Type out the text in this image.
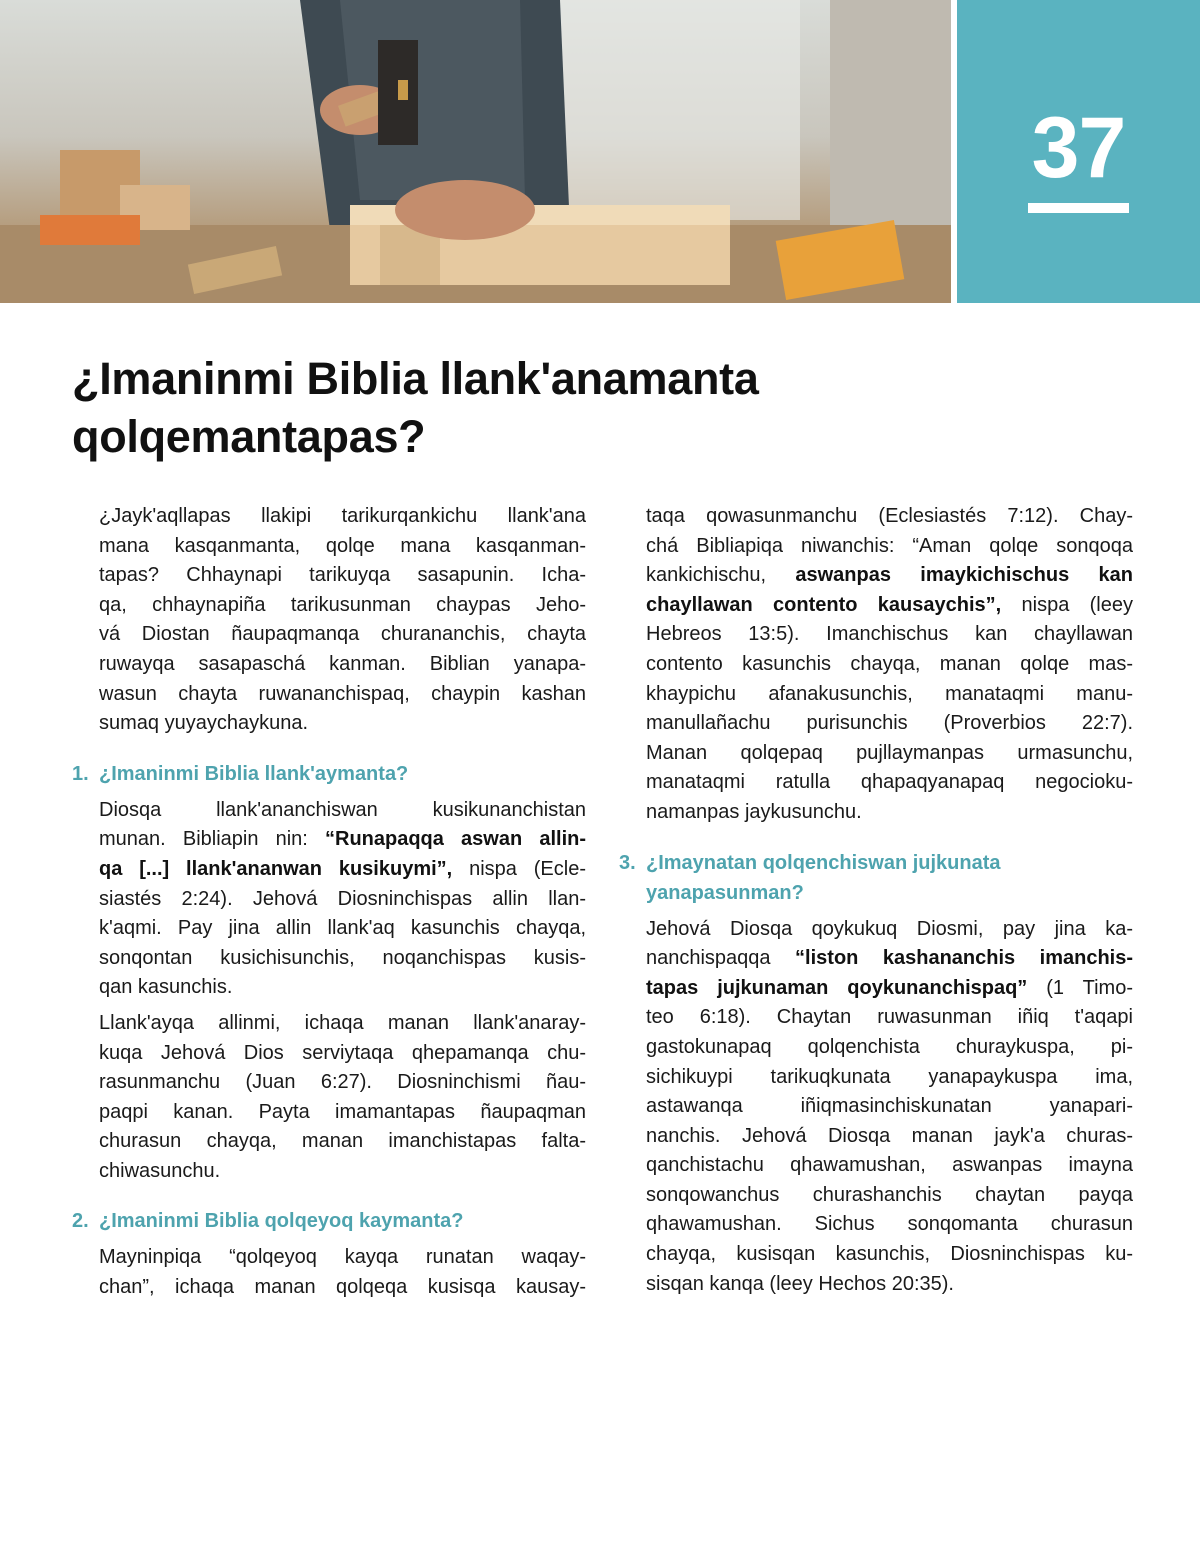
37
¿Imaninmi Biblia llank'anamanta
qolqemantapas?
¿Jayk'aqllapas llakipi tarikurqankichu llank'ana
mana kasqanmanta, qolqe mana kasqanman-
tapas? Chhaynapi tarikuyqa sasapunin. Icha-
qa, chhaynapiña tarikusunman chaypas Jeho-
vá Diostan ñaupaqmanqa churananchis, chayta
ruwayqa sasapaschá kanman. Biblian yanapa-
wasun chayta ruwananchispaq, chaypin kashan
sumaq yuyaychaykuna.
1. ¿Imaninmi Biblia llank'aymanta?
Diosqa llank'ananchiswan kusikunanchistan
munan. Bibliapin nin: “Runapaqqa aswan allin-
qa [...] llank'ananwan kusikuymi”, nispa (Ecle-
siastés 2:24). Jehová Diosninchispas allin llan-
k'aqmi. Pay jina allin llank'aq kasunchis chayqa,
sonqontan kusichisunchis, noqanchispas kusis-
qan kasunchis.
Llank'ayqa allinmi, ichaqa manan llank'anaray-
kuqa Jehová Dios serviytaqa qhepamanqa chu-
rasunmanchu (Juan 6:27). Diosninchismi ñau-
paqpi kanan. Payta imamantapas ñaupaqman
churasun chayqa, manan imanchistapas falta-
chiwasunchu.
2. ¿Imaninmi Biblia qolqeyoq kaymanta?
Mayninpiqa “qolqeyoq kayqa runatan waqay-
chan”, ichaqa manan qolqeqa kusisqa kausay-
taqa qowasunmanchu (Eclesiastés 7:12). Chay-
chá Bibliapiqa niwanchis: “Aman qolqe sonqoqa
kankichischu, aswanpas imaykichischus kan
chayllawan contento kausaychis”, nispa (leey
Hebreos 13:5). Imanchischus kan chayllawan
contento kasunchis chayqa, manan qolqe mas-
khaypichu afanakusunchis, manataqmi manu-
manullañachu purisunchis (Proverbios 22:7).
Manan qolqepaq pujllaymanpas urmasunchu,
manataqmi ratulla qhapaqyanapaq negocioku-
namanpas jaykusunchu.
3. ¿Imaynatan qolqenchiswan jujkunata
yanapasunman?
Jehová Diosqa qoykukuq Diosmi, pay jina ka-
nanchispaqqa “liston kashananchis imanchis-
tapas jujkunaman qoykunanchispaq” (1 Timo-
teo 6:18). Chaytan ruwasunman iñiq t'aqapi
gastokunapaq qolqenchista churaykuspa, pi-
sichikuypi tarikuqkunata yanapaykuspa ima,
astawanqa iñiqmasinchiskunatan yanapari-
nanchis. Jehová Diosqa manan jayk'a churas-
qanchistachu qhawamushan, aswanpas imayna
sonqowanchus churashanchis chaytan payqa
qhawamushan. Sichus sonqomanta churasun
chayqa, kusisqan kasunchis, Diosninchispas ku-
sisqan kanqa (leey Hechos 20:35).
